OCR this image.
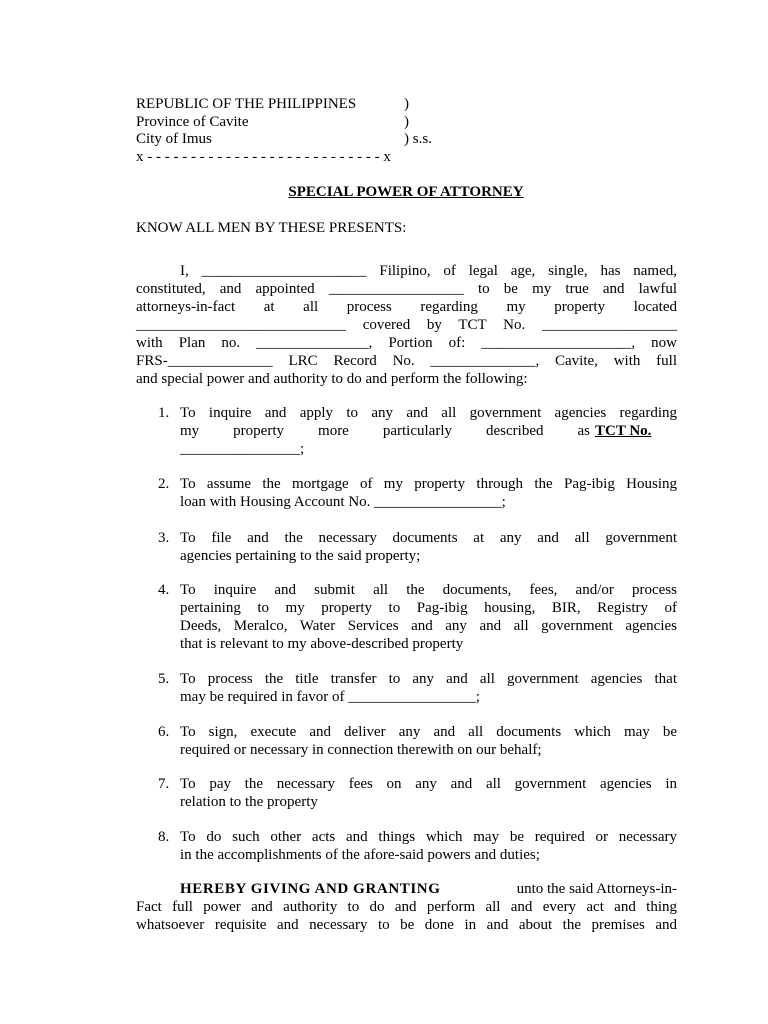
REPUBLIC OF THE PHILIPPINES	)
Province of Cavite	)
City of Imus	) s.s.
x - - - - - - - - - - - - - - - - - - - - - - - - - - - x
SPECIAL POWER OF ATTORNEY
KNOW ALL MEN BY THESE PRESENTS:
I, ______________________ Filipino, of legal age, single, has named,
constituted, and appointed __________________ to be my true and lawful
attorneys-in-fact at all process regarding my property located
____________________________ covered by TCT No. __________________
with Plan no. _______________, Portion of: ____________________, now
FRS-______________ LRC Record No. ______________, Cavite, with full
and special power and authority to do and perform the following:
1. To inquire and apply to any and all government agencies regarding
my property more particularly described as TCT No.
________________;
2. To assume the mortgage of my property through the Pag-ibig Housing
loan with Housing Account No. _________________;
3. To file and the necessary documents at any and all government
agencies pertaining to the said property;
4. To inquire and submit all the documents, fees, and/or process
pertaining to my property to Pag-ibig housing, BIR, Registry of
Deeds, Meralco, Water Services and any and all government agencies
that is relevant to my above-described property
5. To process the title transfer to any and all government agencies that
may be required in favor of _________________;
6. To sign, execute and deliver any and all documents which may be
required or necessary in connection therewith on our behalf;
7. To pay the necessary fees on any and all government agencies in
relation to the property
8. To do such other acts and things which may be required or necessary
in the accomplishments of the afore-said powers and duties;
HEREBY GIVING AND GRANTING	unto the said Attorneys-in-
Fact full power and authority to do and perform all and every act and thing
whatsoever requisite and necessary to be done in and about the premises and
